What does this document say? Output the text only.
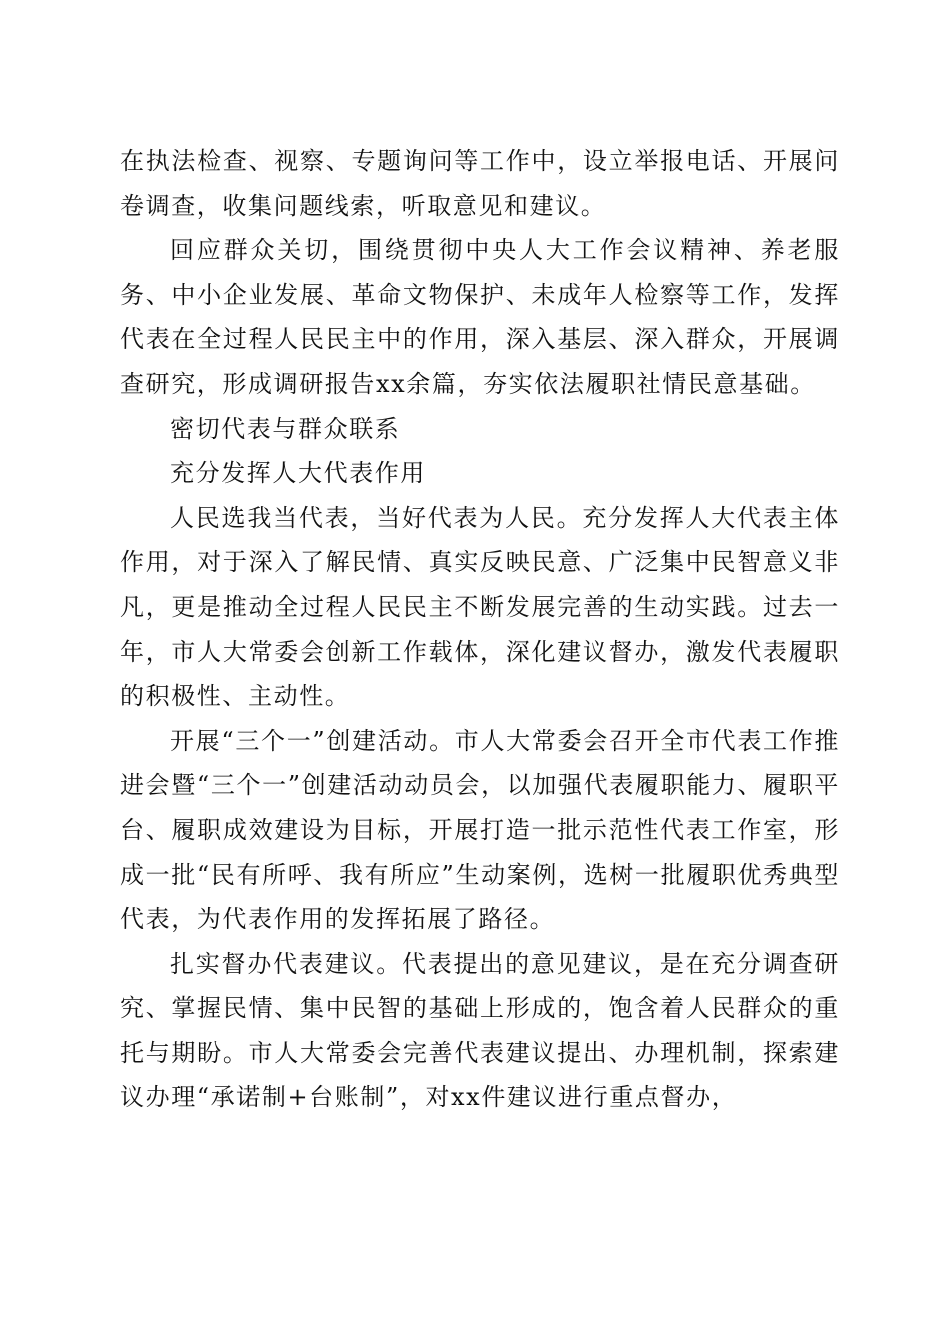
在执法检查、视察、专题询问等工作中，设立举报电话、开展问卷调查，收集问题线索，听取意见和建议。

回应群众关切，围绕贯彻中央人大工作会议精神、养老服务、中小企业发展、革命文物保护、未成年人检察等工作，发挥代表在全过程人民民主中的作用，深入基层、深入群众，开展调查研究，形成调研报告xx余篇，夯实依法履职社情民意基础。

密切代表与群众联系

充分发挥人大代表作用

人民选我当代表，当好代表为人民。充分发挥人大代表主体作用，对于深入了解民情、真实反映民意、广泛集中民智意义非凡，更是推动全过程人民民主不断发展完善的生动实践。过去一年，市人大常委会创新工作载体，深化建议督办，激发代表履职的积极性、主动性。

开展“三个一”创建活动。市人大常委会召开全市代表工作推进会暨“三个一”创建活动动员会，以加强代表履职能力、履职平台、履职成效建设为目标，开展打造一批示范性代表工作室，形成一批“民有所呼、我有所应”生动案例，选树一批履职优秀典型代表，为代表作用的发挥拓展了路径。

扎实督办代表建议。代表提出的意见建议，是在充分调查研究、掌握民情、集中民智的基础上形成的，饱含着人民群众的重托与期盼。市人大常委会完善代表建议提出、办理机制，探索建议办理“承诺制+台账制”，对xx件建议进行重点督办，
